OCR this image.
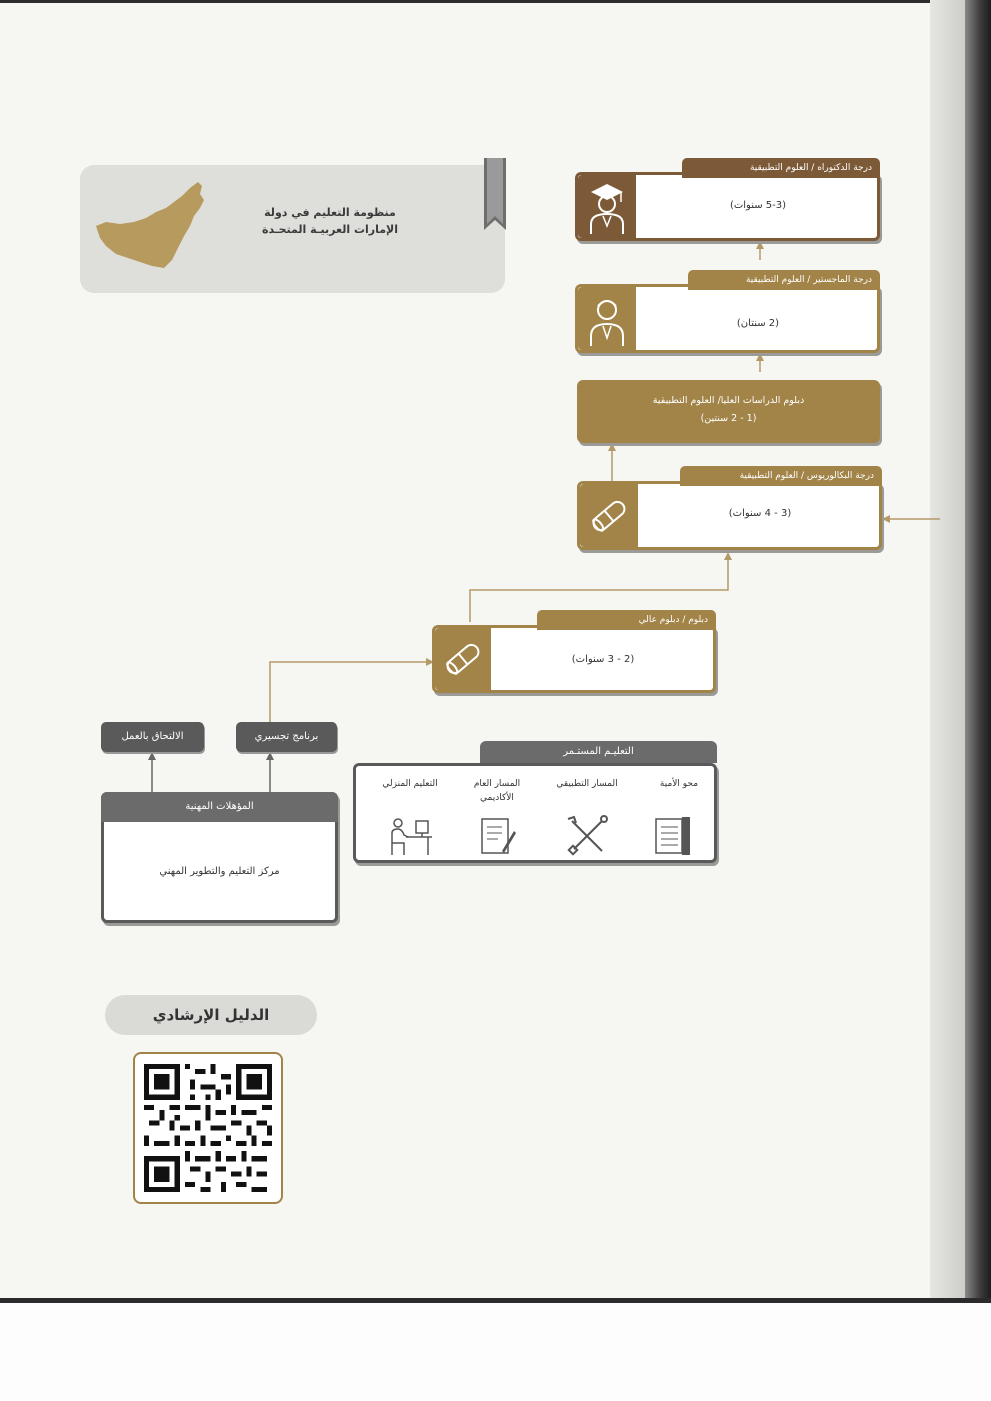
منظومة التعليم في دولة
الإمارات العربيـة المتحـدة
درجة الدكتوراه / العلوم التطبيقية
(5-3 سنوات)
درجة الماجستير / العلوم التطبيقية
(2 سنتان)
دبلوم الدراسات العليا/ العلوم التطبيقية
(1 - 2 سنتين)
درجة البكالوريوس / العلوم التطبيقية
(3 - 4 سنوات)
دبلوم / دبلوم عالي
(2 - 3 سنوات)
الالتحاق بالعمل	برنامج تجسيري
المؤهلات المهنية
مركز التعليم والتطوير المهني
التعليـم المستـمر
محو الأمية
المسار التطبيقي
المسار العام الأكاديمي
التعليم المنزلي
الدليل الإرشادي
